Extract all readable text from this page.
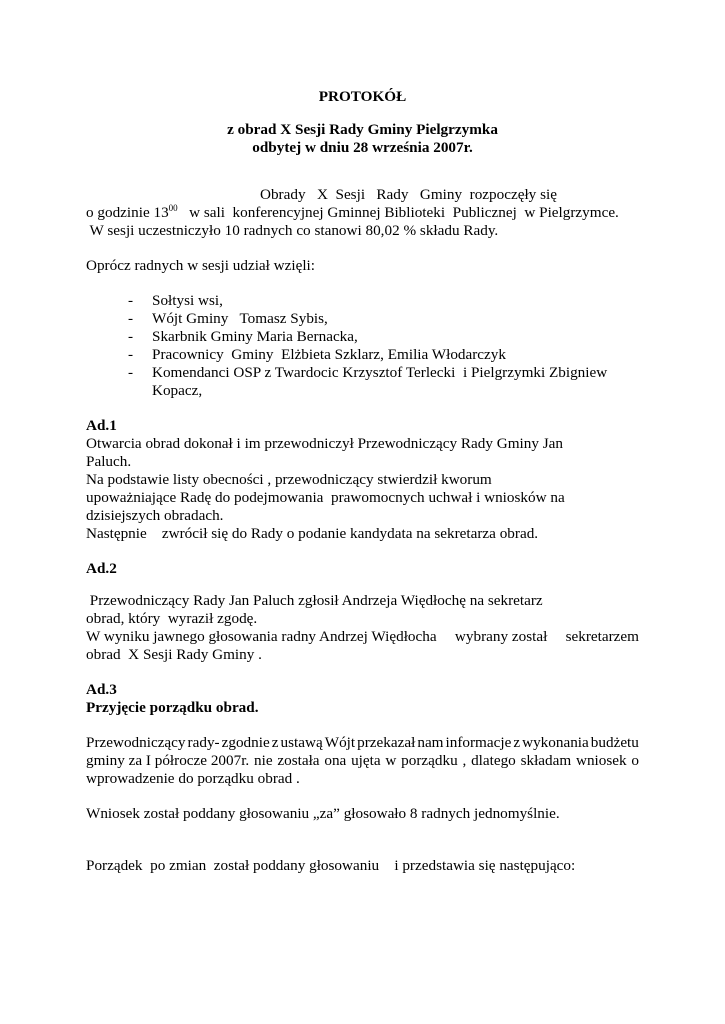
PROTOKÓŁ
z obrad X Sesji Rady Gminy Pielgrzymka
odbytej w dniu 28 września 2007r.
Obrady   X  Sesji   Rady   Gminy  rozpoczęły się
o godzinie $13^{00}$   w sali  konferencyjnej Gminnej Biblioteki  Publicznej  w Pielgrzymce.
W sesji uczestniczyło 10 radnych co stanowi 80,02 % składu Rady.
Oprócz radnych w sesji udział wzięli:
- Sołtysi wsi,
- Wójt Gminy   Tomasz Sybis,
- Skarbnik Gminy Maria Bernacka,
- Pracownicy  Gminy  Elżbieta Szklarz, Emilia Włodarczyk
- Komendanci OSP z Twardocic Krzysztof Terlecki  i Pielgrzymki Zbigniew
Kopacz,
Ad.1
Otwarcia obrad dokonał i im przewodniczył Przewodniczący Rady Gminy Jan
Paluch.
Na podstawie listy obecności , przewodniczący stwierdził kworum
upoważniające Radę do podejmowania  prawomocnych uchwał i wniosków na
dzisiejszych obradach.
Następnie    zwrócił się do Rady o podanie kandydata na sekretarza obrad.
Ad.2
Przewodniczący Rady Jan Paluch zgłosił Andrzeja Więdłochę na sekretarz
obrad, który  wyraził zgodę.
W wyniku jawnego głosowania radny Andrzej Więdłocha wybrany został sekretarzem
obrad  X Sesji Rady Gminy .
Ad.3
Przyjęcie porządku obrad.
Przewodniczący rady- zgodnie z ustawą Wójt przekazał nam informacje z wykonania budżetu
gminy za I półrocze 2007r. nie została ona ujęta w porządku , dlatego składam wniosek o
wprowadzenie do porządku obrad .
Wniosek został poddany głosowaniu „za” głosowało 8 radnych jednomyślnie.
Porządek  po zmian  został poddany głosowaniu    i przedstawia się następująco:
